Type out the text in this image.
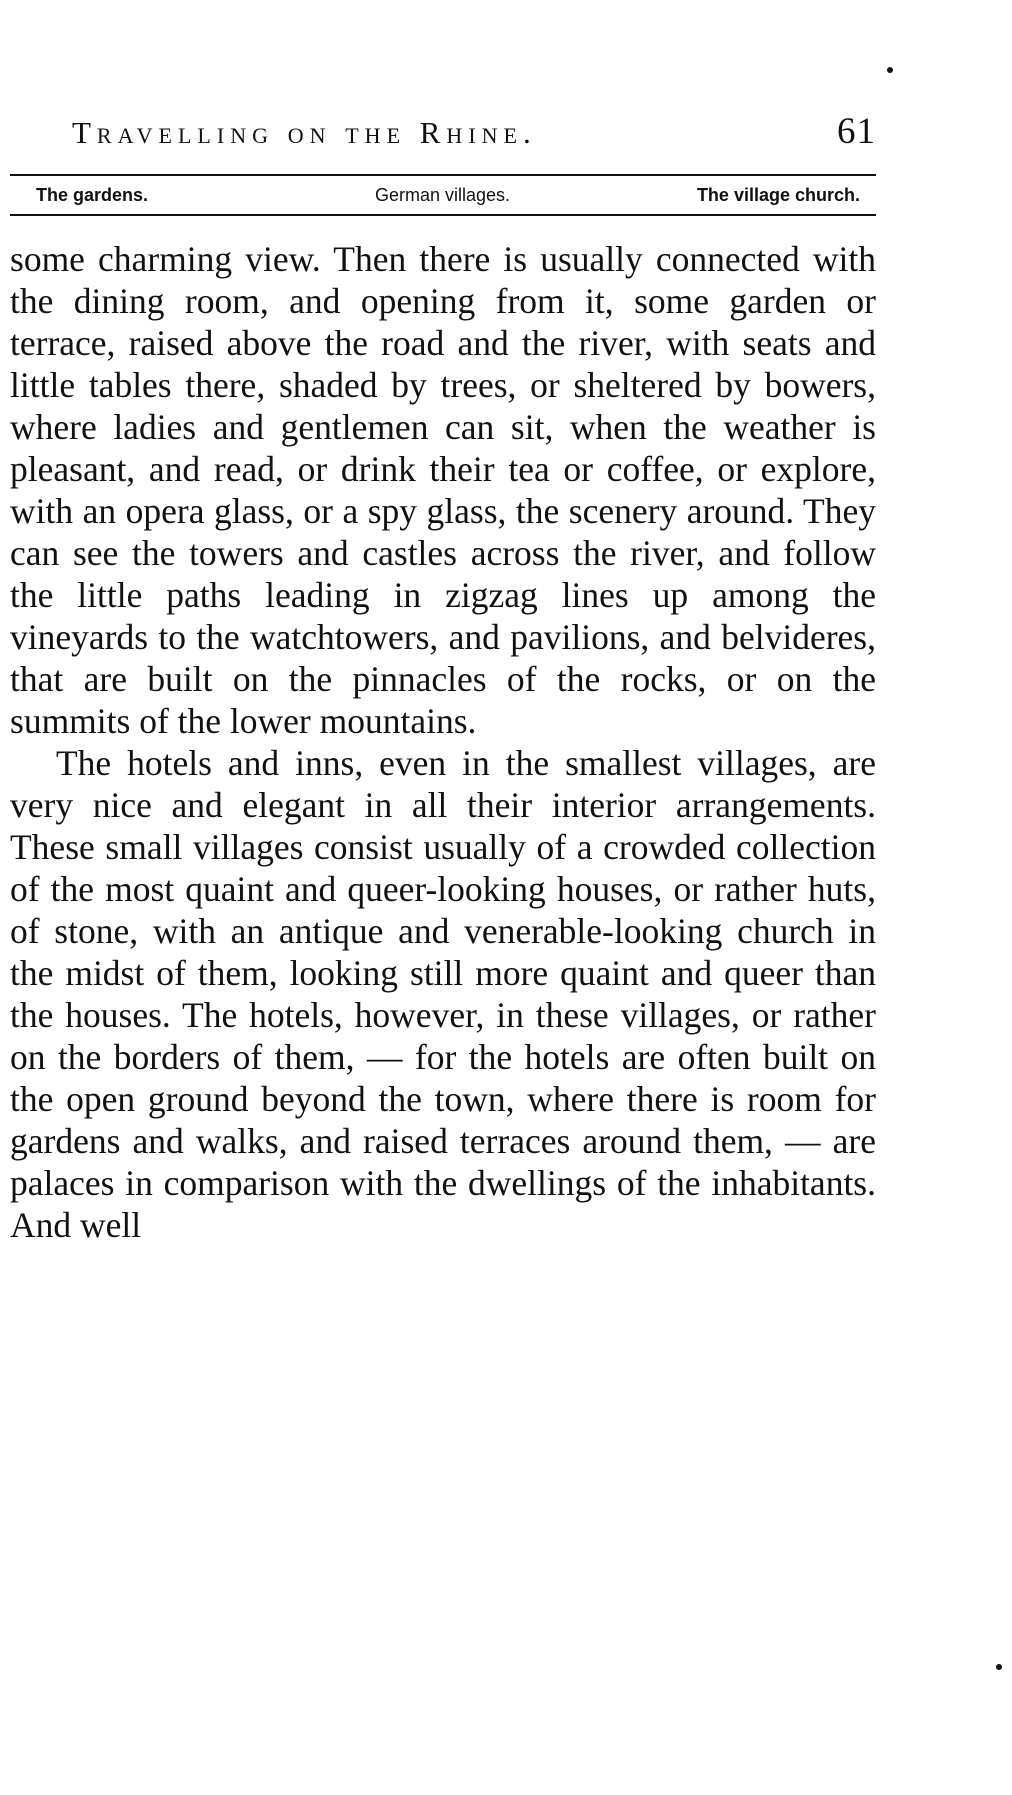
Travelling on the Rhine.	61
The gardens.	German villages.	The village church.

some charming view. Then there is usually connected with the dining room, and opening from it, some garden or terrace, raised above the road and the river, with seats and little tables there, shaded by trees, or sheltered by bowers, where ladies and gentlemen can sit, when the weather is pleasant, and read, or drink their tea or coffee, or explore, with an opera glass, or a spy glass, the scenery around. They can see the towers and castles across the river, and follow the little paths leading in zigzag lines up among the vineyards to the watchtowers, and pavilions, and belvideres, that are built on the pinnacles of the rocks, or on the summits of the lower mountains.

The hotels and inns, even in the smallest villages, are very nice and elegant in all their interior arrangements. These small villages consist usually of a crowded collection of the most quaint and queer-looking houses, or rather huts, of stone, with an antique and venerable-looking church in the midst of them, looking still more quaint and queer than the houses. The hotels, however, in these villages, or rather on the borders of them, — for the hotels are often built on the open ground beyond the town, where there is room for gardens and walks, and raised terraces around them, — are palaces in comparison with the dwellings of the inhabitants. And well
